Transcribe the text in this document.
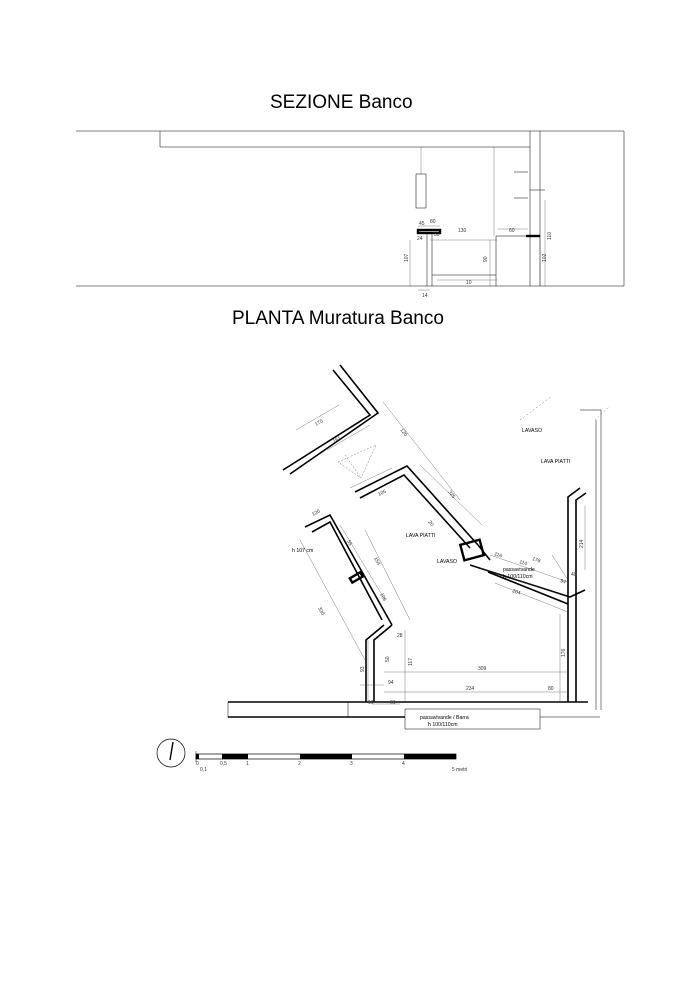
SEZIONE Banco
PLANTA Muratura Banco
80
45
30
24
130	60
110
107	90	102
10
14
LAVASO
LAVA PIATTI
LAVA PIATTI
LAVASO
passavivande
h 100/110cm
passavivande / Barra
h 100/110cm
h 107 cm
170
161
120
105	325
20
154
55
105
120
320
116
114 178
214
94
204
176
40
28
117
50
309
234	80
94
10	61
93
0
0,1
0,5	1	2	3	4
5 metri
